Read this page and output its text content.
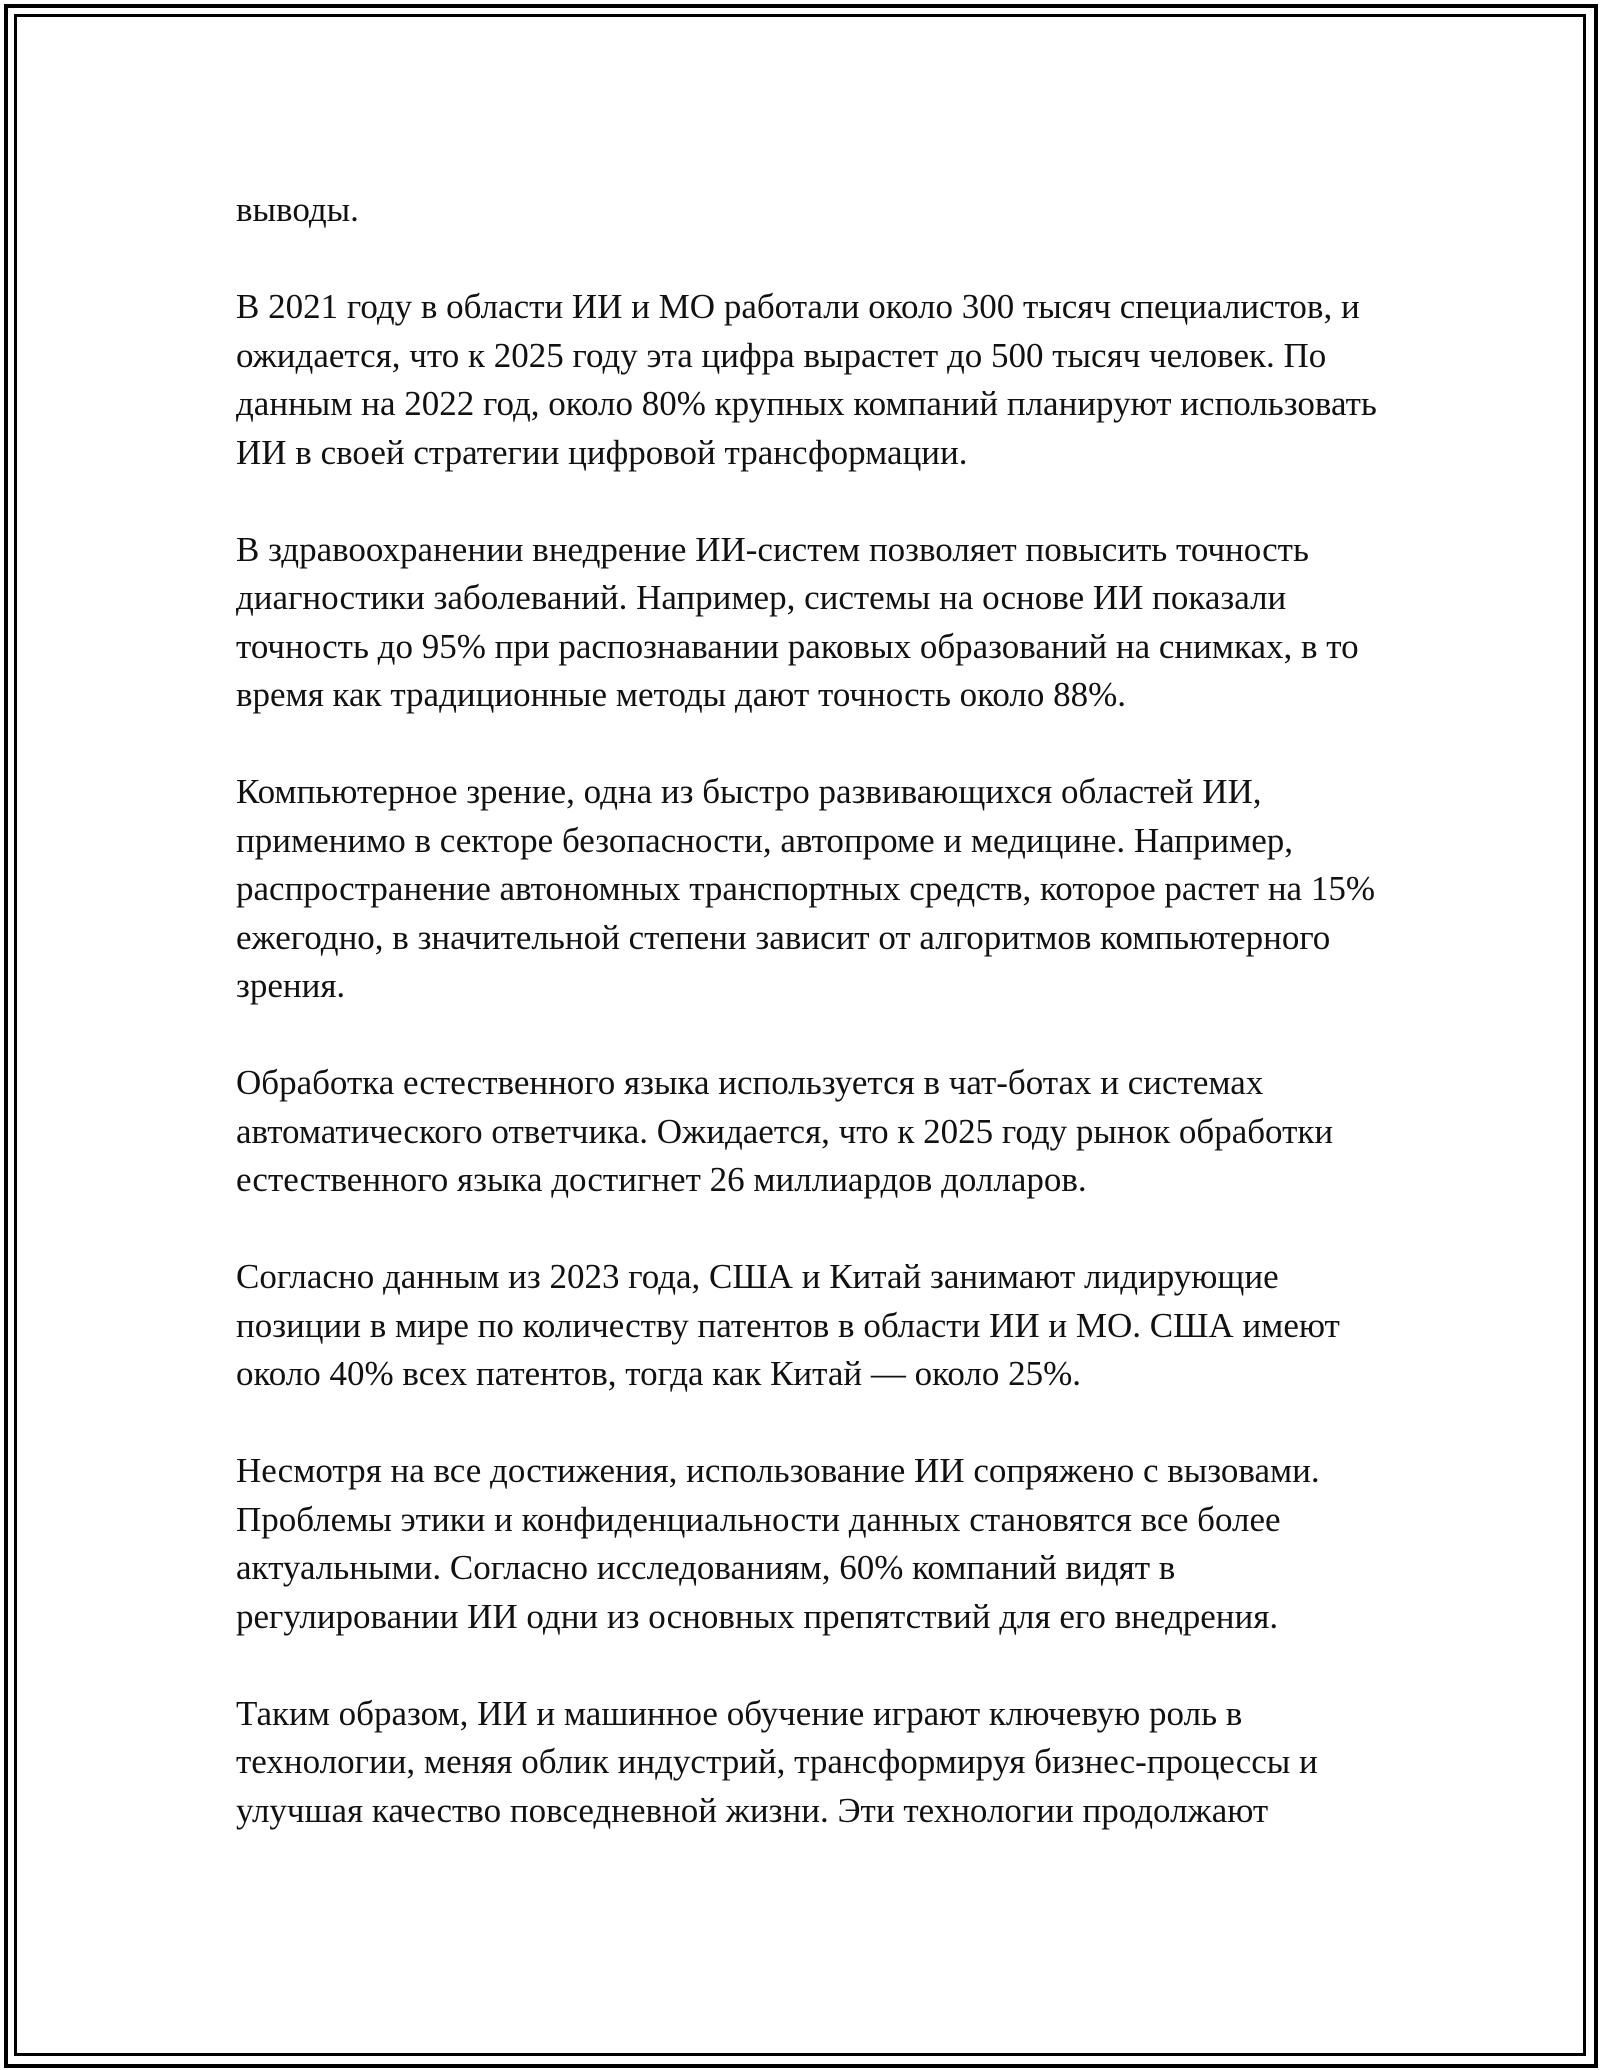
выводы.

В 2021 году в области ИИ и МО работали около 300 тысяч специалистов, и ожидается, что к 2025 году эта цифра вырастет до 500 тысяч человек. По данным на 2022 год, около 80% крупных компаний планируют использовать ИИ в своей стратегии цифровой трансформации.

В здравоохранении внедрение ИИ-систем позволяет повысить точность диагностики заболеваний. Например, системы на основе ИИ показали точность до 95% при распознавании раковых образований на снимках, в то время как традиционные методы дают точность около 88%.

Компьютерное зрение, одна из быстро развивающихся областей ИИ, применимо в секторе безопасности, автопроме и медицине. Например, распространение автономных транспортных средств, которое растет на 15% ежегодно, в значительной степени зависит от алгоритмов компьютерного зрения.

Обработка естественного языка используется в чат-ботах и системах автоматического ответчика. Ожидается, что к 2025 году рынок обработки естественного языка достигнет 26 миллиардов долларов.

Согласно данным из 2023 года, США и Китай занимают лидирующие позиции в мире по количеству патентов в области ИИ и МО. США имеют около 40% всех патентов, тогда как Китай — около 25%.

Несмотря на все достижения, использование ИИ сопряжено с вызовами. Проблемы этики и конфиденциальности данных становятся все более актуальными. Согласно исследованиям, 60% компаний видят в регулировании ИИ одни из основных препятствий для его внедрения.

Таким образом, ИИ и машинное обучение играют ключевую роль в технологии, меняя облик индустрий, трансформируя бизнес-процессы и улучшая качество повседневной жизни. Эти технологии продолжают
